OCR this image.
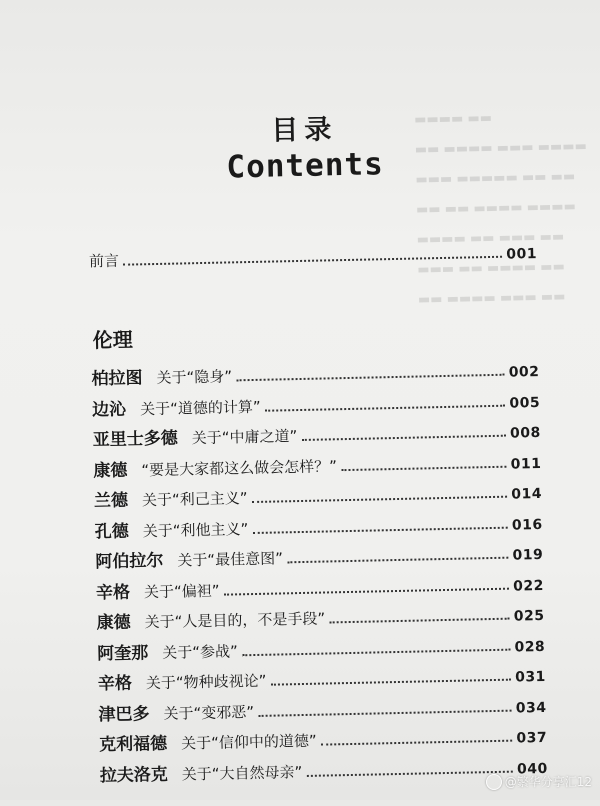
▬▬▬▬ ▬▬
▬▬ ▬▬▬▬ ▬▬▬ ▬▬▬▬
▬▬▬ ▬▬▬▬▬ ▬▬ ▬▬
▬▬ ▬▬ ▬▬▬▬ ▬▬▬▬
▬▬▬▬ ▬▬ ▬▬▬ ▬▬
▬▬▬ ▬▬ ▬▬▬▬ ▬▬
▬▬ ▬▬▬▬ ▬▬▬ ▬▬
目录
Contents
前言	001
伦理
柏拉图 关于“隐身”	002
边沁 关于“道德的计算”	005
亚里士多德 关于“中庸之道”	008
康德 “要是大家都这么做会怎样？”	011
兰德 关于“利己主义”	014
孔德 关于“利他主义”	016
阿伯拉尔 关于“最佳意图”	019
辛格 关于“偏袒”	022
康德 关于“人是目的，不是手段”	025
阿奎那 关于“参战”	028
辛格 关于“物种歧视论”	031
津巴多 关于“变邪恶”	034
克利福德 关于“信仰中的道德”	037
拉夫洛克 关于“大自然母亲”	040
@繁华分享汇12
